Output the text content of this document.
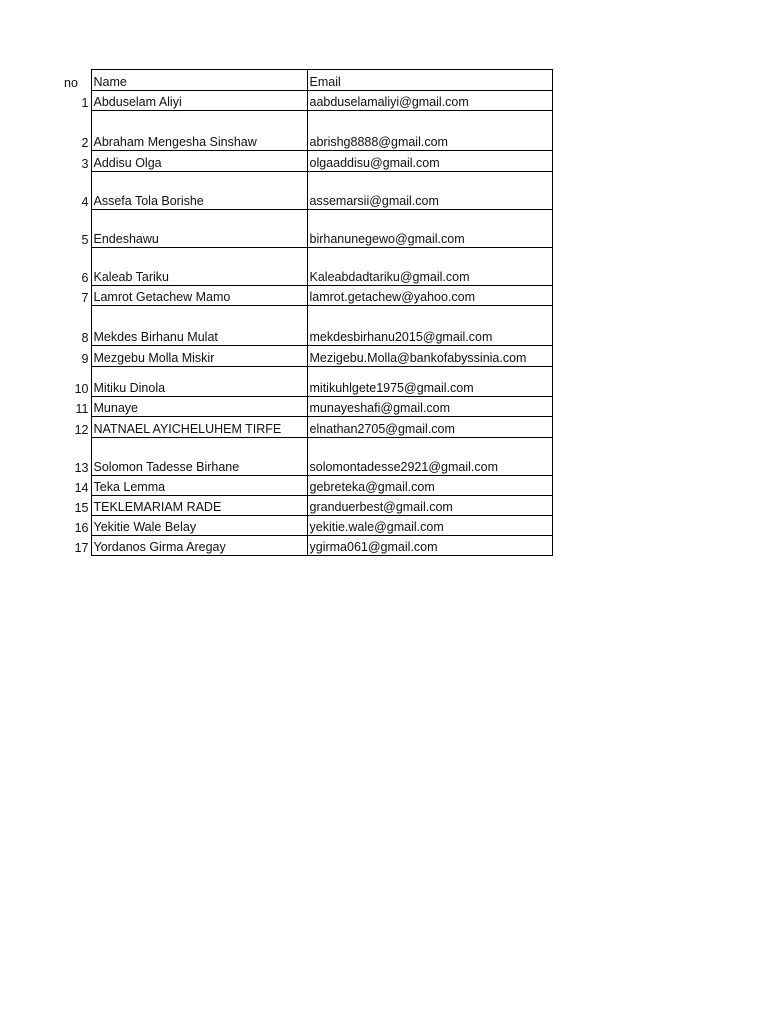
no	Name	Email
1	Abduselam Aliyi	aabduselamaliyi@gmail.com
2	Abraham Mengesha Sinshaw	abrishg8888@gmail.com
3	Addisu Olga	olgaaddisu@gmail.com
4	Assefa Tola Borishe	assemarsii@gmail.com
5	Endeshawu	birhanunegewo@gmail.com
6	Kaleab Tariku	Kaleabdadtariku@gmail.com
7	Lamrot Getachew Mamo	lamrot.getachew@yahoo.com
8	Mekdes Birhanu Mulat	mekdesbirhanu2015@gmail.com
9	Mezgebu Molla Miskir	Mezigebu.Molla@bankofabyssinia.com
10	Mitiku Dinola	mitikuhlgete1975@gmail.com
11	Munaye	munayeshafi@gmail.com
12	NATNAEL AYICHELUHEM TIRFE	elnathan2705@gmail.com
13	Solomon Tadesse Birhane	solomontadesse2921@gmail.com
14	Teka Lemma	gebreteka@gmail.com
15	TEKLEMARIAM RADE	granduerbest@gmail.com
16	Yekitie Wale Belay	yekitie.wale@gmail.com
17	Yordanos Girma Aregay	ygirma061@gmail.com
